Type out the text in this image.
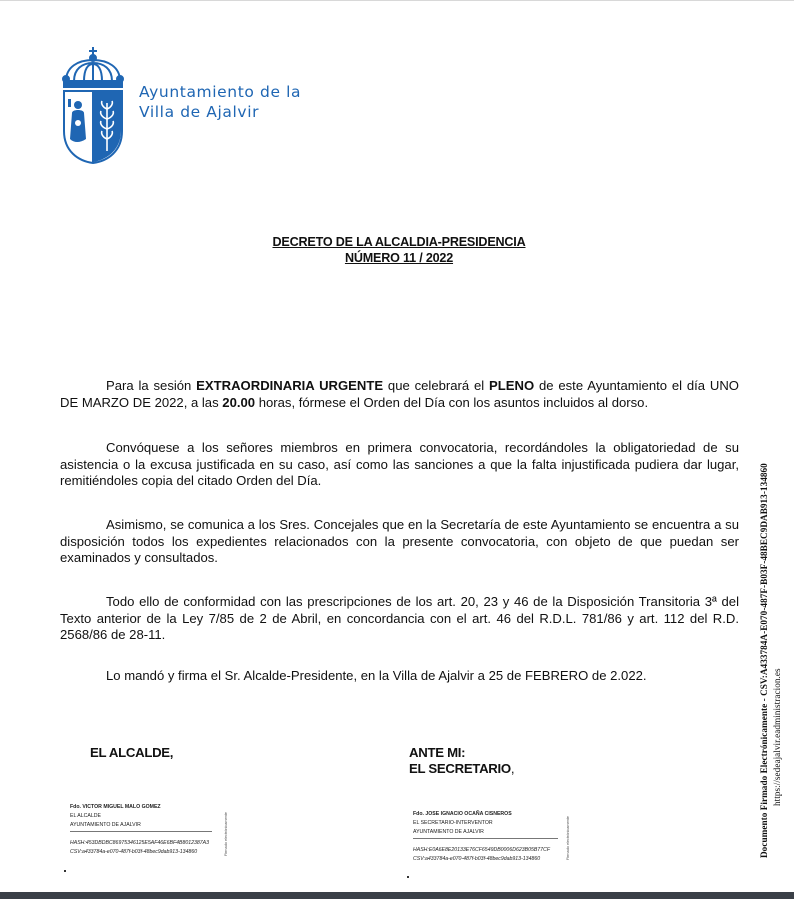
Ayuntamiento de la
Villa de Ajalvir
DECRETO DE LA ALCALDIA-PRESIDENCIA
NÚMERO 11 / 2022
Para la sesión EXTRAORDINARIA URGENTE que celebrará el PLENO de este Ayuntamiento el día UNO DE MARZO DE 2022, a las 20.00 horas, fórmese el Orden del Día con los asuntos incluidos al dorso.
Convóquese a los señores miembros en primera convocatoria, recordándoles la obligatoriedad de su asistencia o la excusa justificada en su caso, así como las sanciones a que la falta injustificada pudiera dar lugar, remitiéndoles copia del citado Orden del Día.
Asimismo, se comunica a los Sres. Concejales que en la Secretaría de este Ayuntamiento se encuentra a su disposición todos los expedientes relacionados con la presente convocatoria, con objeto de que puedan ser examinados y consultados.
Todo ello de conformidad con las prescripciones de los art. 20, 23 y 46 de la Disposición Transitoria 3ª del Texto anterior de la Ley 7/85 de 2 de Abril, en concordancia con el art. 46 del R.D.L. 781/86 y art. 112 del R.D. 2568/86 de 28-11.
Lo mandó y firma el Sr. Alcalde-Presidente, en la Villa de Ajalvir a 25 de FEBRERO de 2.022.
EL ALCALDE,	ANTE MI:
EL SECRETARIO,
Fdo. VICTOR MIGUEL MALO GOMEZ
EL ALCALDE
AYUNTAMIENTO DE AJALVIR
HASH:453DBDBC86975346125E5AF46E6BF4B8012387A3
CSV:a433784a-e070-487f-b03f-48bec9dab913-134860	Firmado electrónicamente	Fdo. JOSE IGNACIO OCAÑA CISNEROS
EL SECRETARIO-INTERVENTOR
AYUNTAMIENTO DE AJALVIR
HASH:E0A6E8E20133E76CF6549DB0006D623B05B77CF
CSV:a433784a-e070-487f-b03f-48bec9dab913-134860	Firmado electrónicamente	Documento Firmado Electrónicamente - CSV:A433784A-E070-487F-B03F-48BEC9DAB913-134860 https://sedeajalvir.eadministracion.es
